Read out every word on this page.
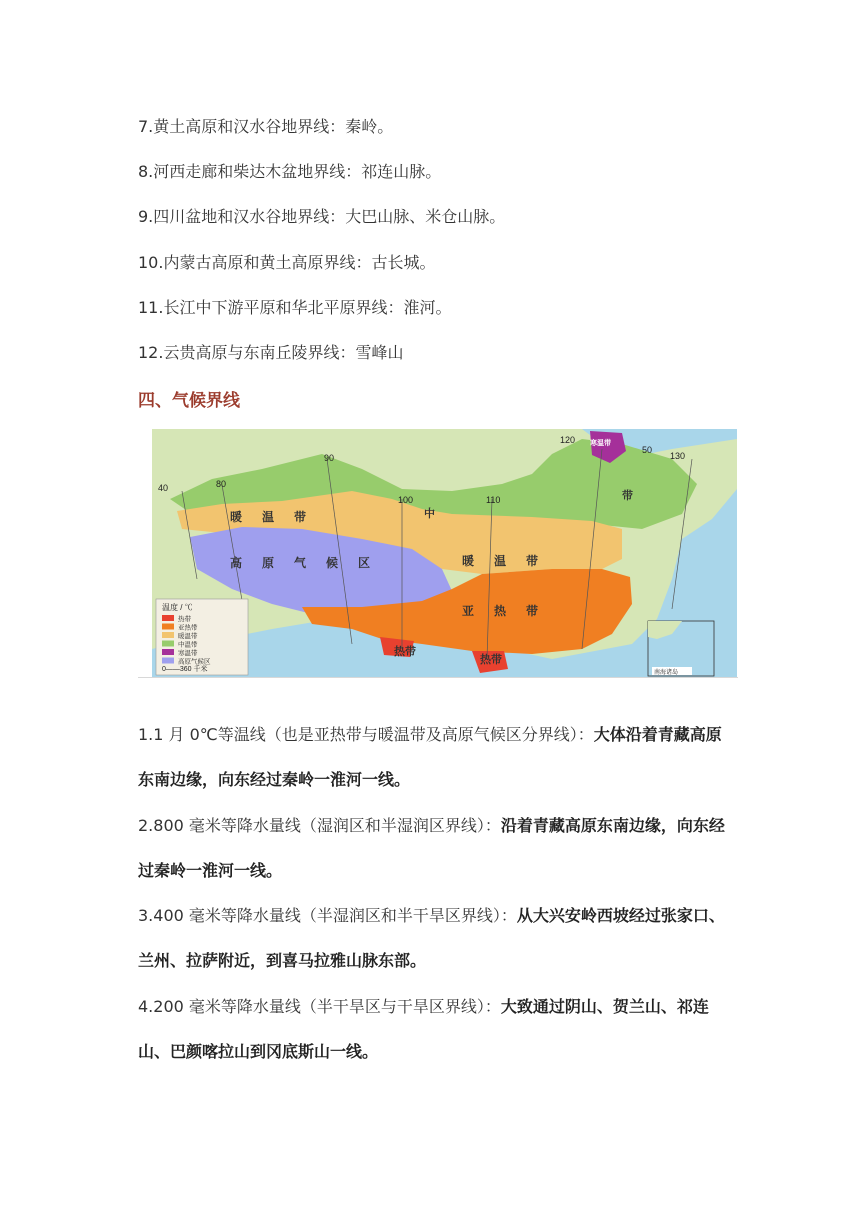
7.黄土高原和汉水谷地界线：秦岭。
8.河西走廊和柴达木盆地界线：祁连山脉。
9.四川盆地和汉水谷地界线：大巴山脉、米仓山脉。
10.内蒙古高原和黄土高原界线：古长城。
11.长江中下游平原和华北平原界线：淮河。
12.云贵高原与东南丘陵界线：雪峰山
四、气候界线
40	80
90
100	110
120
50
130
暖温带
高原气候区	暖温带
亚热带
中
带
寒温带
热带
热带
温度 / ℃
热带
亚热带
暖温带
中温带
寒温带
高原气候区
0——360 千米	南海诸岛
1.1 月 0℃等温线（也是亚热带与暖温带及高原气候区分界线）：大体沿着青藏高原东南边缘，向东经过秦岭一淮河一线。
2.800 毫米等降水量线（湿润区和半湿润区界线）：沿着青藏高原东南边缘，向东经过秦岭一淮河一线。
3.400 毫米等降水量线（半湿润区和半干旱区界线）：从大兴安岭西坡经过张家口、兰州、拉萨附近，到喜马拉雅山脉东部。
4.200 毫米等降水量线（半干旱区与干旱区界线）：大致通过阴山、贺兰山、祁连山、巴颜喀拉山到冈底斯山一线。
